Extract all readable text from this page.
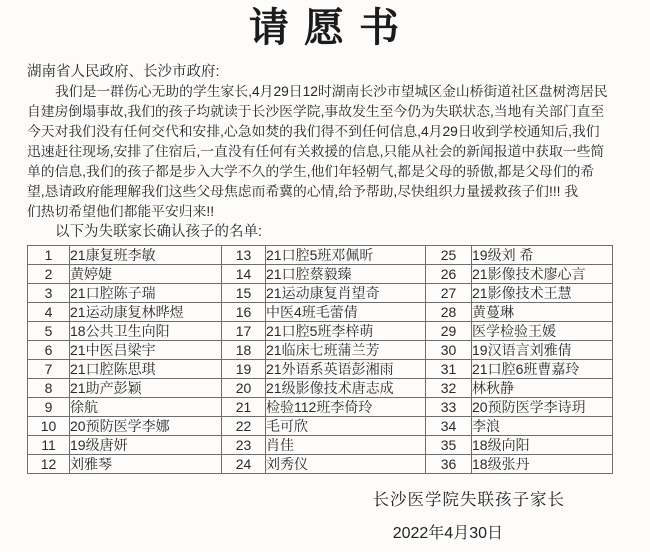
请 愿 书
湖南省人民政府、长沙市政府:
我们是一群伤心无助的学生家长,4月29日12时湖南长沙市望城区金山桥街道社区盘树湾居民
自建房倒塌事故,我们的孩子均就读于长沙医学院,事故发生至今仍为失联状态,当地有关部门直至
今天对我们没有任何交代和安排,心急如焚的我们得不到任何信息,4月29日收到学校通知后,我们
迅速赶往现场,安排了住宿后,一直没有任何有关救援的信息,只能从社会的新闻报道中获取一些简
单的信息,我们的孩子都是步入大学不久的学生,他们年轻朝气,都是父母的骄傲,都是父母们的希
望,恳请政府能理解我们这些父母焦虑而希冀的心情,给予帮助,尽快组织力量援救孩子们!!! 我
们热切希望他们都能平安归来!!
以下为失联家长确认孩子的名单:
1	21康复班李敏	13	21口腔5班邓佩昕	25	19级刘 希
2	黄婷婕	14	21口腔蔡毅臻	26	21影像技术廖心言
3	21口腔陈子瑞	15	21运动康复肖望奇	27	21影像技术王慧
4	21运动康复林晔煜	16	中医4班毛蕾倩	28	黄蔓琳
5	18公共卫生向阳	17	21口腔5班李梓萌	29	医学检验王媛
6	21中医吕梁宇	18	21临床七班蒲兰芳	30	19汉语言刘雅倩
7	21口腔陈思琪	19	21外语系英语彭湘雨	31	21口腔6班曹嘉玲
8	21助产彭颖	20	21级影像技术唐志成	32	林秋静
9	徐航	21	检验112班李倚玲	33	20预防医学李诗玥
10	20预防医学李娜	22	毛可欣	34	李浪
11	19级唐妍	23	肖佳	35	18级向阳
12	刘雅琴	24	刘秀仪	36	18级张丹
长沙医学院失联孩子家长
2022年4月30日
